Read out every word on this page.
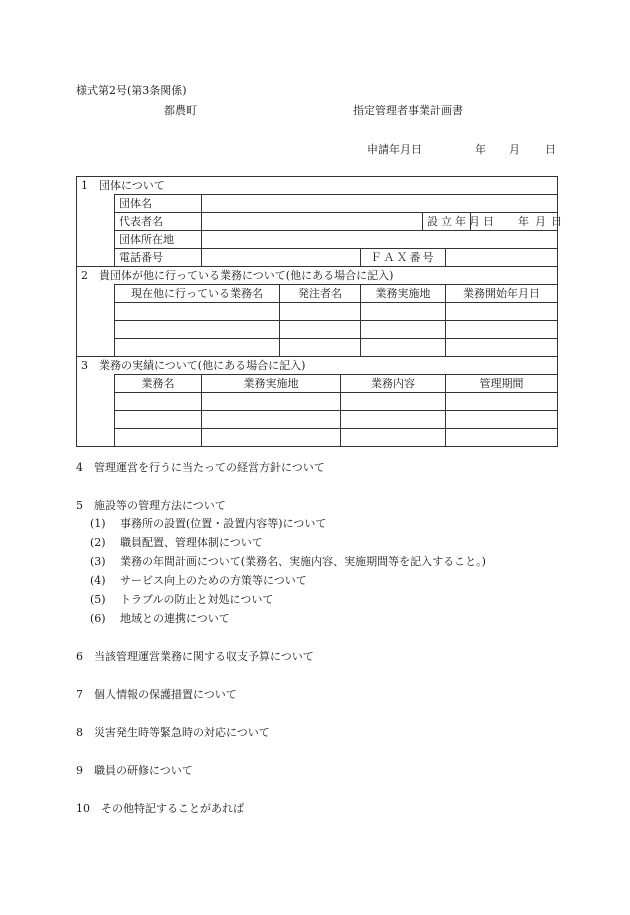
様式第2号(第3条関係)
都農町	指定管理者事業計画書
申請年月日	年 月 日
1　団体について								
	団体名							
	代表者名					設立年月日		年 月 日

	団体所在地							
	電話番号				ＦＡＸ番号			
2　貴団体が他に行っている業務について(他にある場合に記入)								
	現在他に行っている業務名		発注者名		業務実施地		業務開始年月日	

3　業務の実績について(他にある場合に記入)								
	業務名	業務実施地		業務内容			管理期間	

4　管理運営を行うに当たっての経営方針について
5　施設等の管理方法について
(1) 事務所の設置(位置・設置内容等)について
(2) 職員配置、管理体制について
(3) 業務の年間計画について(業務名、実施内容、実施期間等を記入すること。)
(4) サービス向上のための方策等について
(5) トラブルの防止と対処について
(6) 地域との連携について
6　当該管理運営業務に関する収支予算について
7　個人情報の保護措置について
8　災害発生時等緊急時の対応について
9　職員の研修について
10　その他特記することがあれば
